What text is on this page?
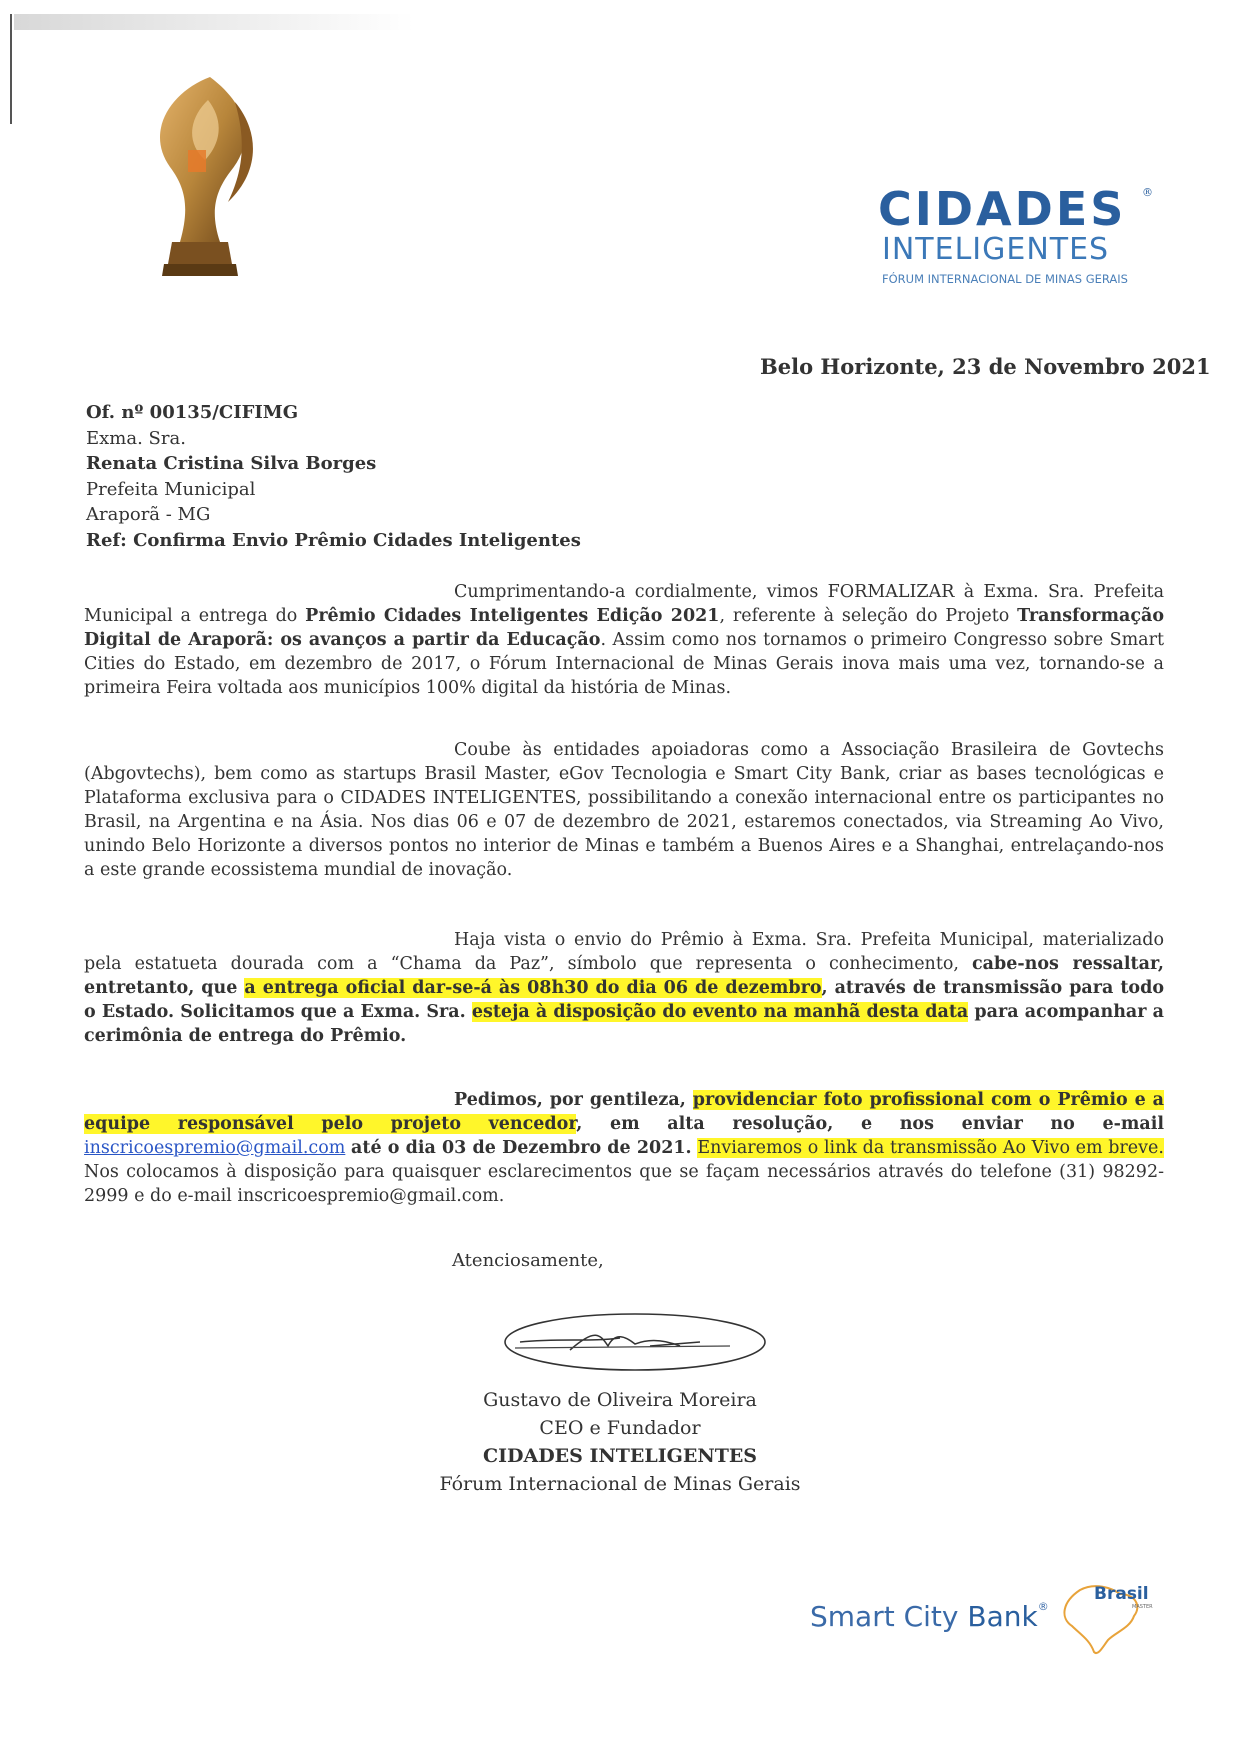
CIDADES ®
INTELIGENTES
FÓRUM INTERNACIONAL DE MINAS GERAIS
Belo Horizonte, 23 de Novembro 2021
Of. nº 00135/CIFIMG
Exma. Sra.
Renata Cristina Silva Borges
Prefeita Municipal
Araporã - MG
Ref: Confirma Envio Prêmio Cidades Inteligentes
Cumprimentando-a cordialmente, vimos FORMALIZAR à Exma. Sra. Prefeita Municipal a entrega do Prêmio Cidades Inteligentes Edição 2021, referente à seleção do Projeto Transformação Digital de Araporã: os avanços a partir da Educação. Assim como nos tornamos o primeiro Congresso sobre Smart Cities do Estado, em dezembro de 2017, o Fórum Internacional de Minas Gerais inova mais uma vez, tornando-se a primeira Feira voltada aos municípios 100% digital da história de Minas.
Coube às entidades apoiadoras como a Associação Brasileira de Govtechs (Abgovtechs), bem como as startups Brasil Master, eGov Tecnologia e Smart City Bank, criar as bases tecnológicas e Plataforma exclusiva para o CIDADES INTELIGENTES, possibilitando a conexão internacional entre os participantes no Brasil, na Argentina e na Ásia. Nos dias 06 e 07 de dezembro de 2021, estaremos conectados, via Streaming Ao Vivo, unindo Belo Horizonte a diversos pontos no interior de Minas e também a Buenos Aires e a Shanghai, entrelaçando-nos a este grande ecossistema mundial de inovação.
Haja vista o envio do Prêmio à Exma. Sra. Prefeita Municipal, materializado pela estatueta dourada com a “Chama da Paz”, símbolo que representa o conhecimento, cabe-nos ressaltar, entretanto, que a entrega oficial dar-se-á às 08h30 do dia 06 de dezembro, através de transmissão para todo o Estado. Solicitamos que a Exma. Sra. esteja à disposição do evento na manhã desta data para acompanhar a cerimônia de entrega do Prêmio.
Pedimos, por gentileza, providenciar foto profissional com o Prêmio e a equipe responsável pelo projeto vencedor, em alta resolução, e nos enviar no e-mail inscricoespremio@gmail.com até o dia 03 de Dezembro de 2021. Enviaremos o link da transmissão Ao Vivo em breve. Nos colocamos à disposição para quaisquer esclarecimentos que se façam necessários através do telefone (31) 98292-2999 e do e-mail inscricoespremio@gmail.com.
Atenciosamente,
Gustavo de Oliveira Moreira
CEO e Fundador
CIDADES INTELIGENTES
Fórum Internacional de Minas Gerais
Smart City Bank®
Brasil
MASTER
